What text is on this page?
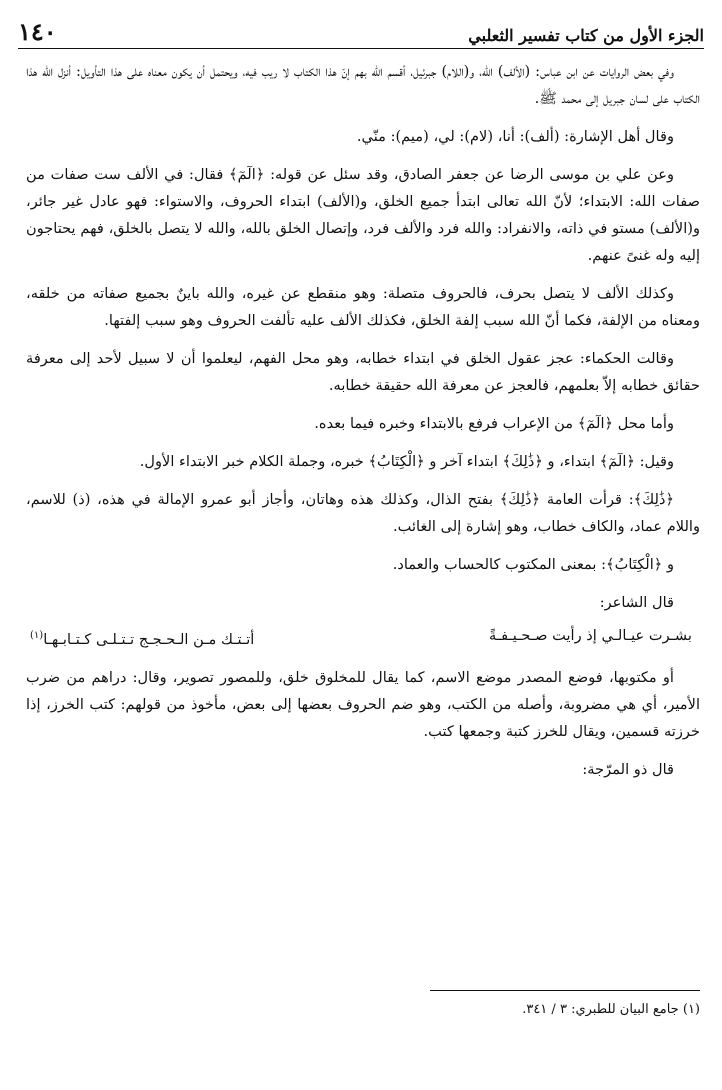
الجزء الأول من كتاب تفسير الثعلبي
١٤٠

وفي بعض الروايات عن ابن عباس: (الألف) الله، و(اللام) جبرئيل، أقسم الله بهم إنّ هذا الكتاب لا ريب فيه، ويحتمل أن يكون معناه على هذا التأويل: أنزل الله هذا الكتاب على لسان جبريل إلى محمد ﷺ.

وقال أهل الإشارة: (ألف): أنا، (لام): لي، (ميم): منّي.

وعن علي بن موسى الرضا عن جعفر الصادق، وقد سئل عن قوله: ﴿الٓمٓ﴾ فقال: في الألف ست صفات من صفات الله: الابتداء؛ لأنّ الله تعالى ابتدأ جميع الخلق، و(الألف) ابتداء الحروف، والاستواء: فهو عادل غير جائر، و(الألف) مستو في ذاته، والانفراد: والله فرد والألف فرد، وإتصال الخلق بالله، والله لا يتصل بالخلق، فهم يحتاجون إليه وله غنىً عنهم.

وكذلك الألف لا يتصل بحرف، فالحروف متصلة: وهو منقطع عن غيره، والله باينٌ بجميع صفاته من خلقه، ومعناه من الإلفة، فكما أنّ الله سبب إلفة الخلق، فكذلك الألف عليه تألفت الحروف وهو سبب إلفتها.

وقالت الحكماء: عجز عقول الخلق في ابتداء خطابه، وهو محل الفهم، ليعلموا أن لا سبيل لأحد إلى معرفة حقائق خطابه إلاّ بعلمهم، فالعجز عن معرفة الله حقيقة خطابه.

وأما محل ﴿الٓمٓ﴾ من الإعراب فرفع بالابتداء وخبره فيما بعده.

وقيل: ﴿الٓمٓ﴾ ابتداء، و ﴿ذَٰلِكَ﴾ ابتداء آخر و ﴿الْكِتَابُ﴾ خبره، وجملة الكلام خبر الابتداء الأول.

﴿ذَٰلِكَ﴾: قرأت العامة ﴿ذَٰلِكَ﴾ بفتح الذال، وكذلك هذه وهاتان، وأجاز أبو عمرو الإمالة في هذه، (ذ) للاسم، واللام عماد، والكاف خطاب، وهو إشارة إلى الغائب.

و ﴿الْكِتَابُ﴾: بمعنى المكتوب كالحساب والعماد.

قال الشاعر:

بشـرت عيـالـي إذ رأيت صـحـيـفـةً
أتـتـك مـن الـحـجـج تـتـلـى كـتـابـهـا$^{(١)}$

أو مكتوبها، فوضع المصدر موضع الاسم، كما يقال للمخلوق خلق، وللمصور تصوير، وقال: دراهم من ضرب الأمير، أي هي مضروبة، وأصله من الكتب، وهو ضم الحروف بعضها إلى بعض، مأخوذ من قولهم: كتب الخرز، إذا خرزته قسمين، ويقال للخرز كتبة وجمعها كتب.

قال ذو المرّجة:

(١) جامع البيان للطبري: ٣ / ٣٤١.
